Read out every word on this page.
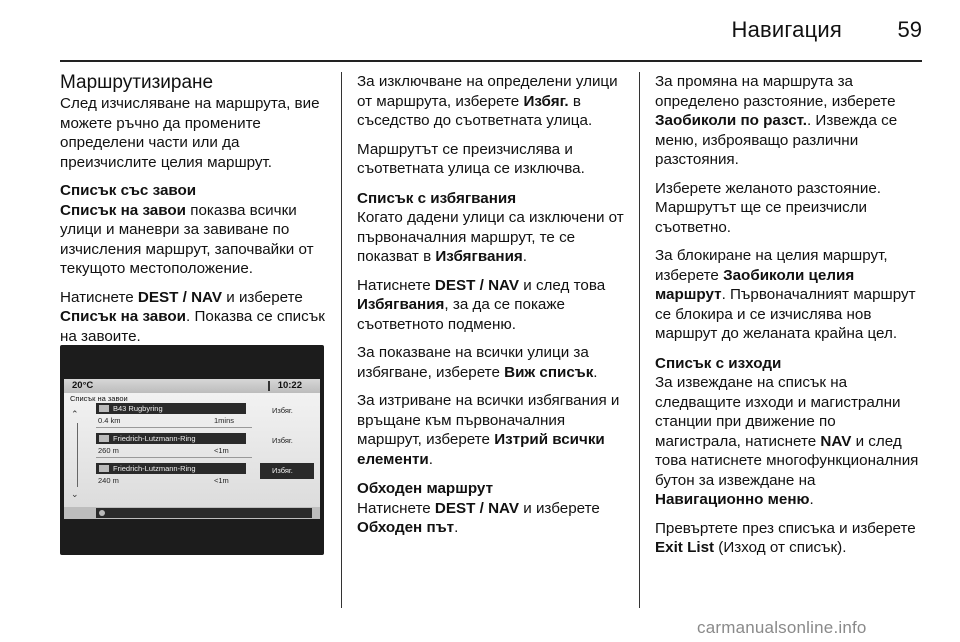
Навигация	59
Маршрутизиране

След изчисляване на маршрута, вие можете ръчно да промените определени части или да преизчислите целия маршрут.

Списък със завои

Списък на завои показва всички улици и маневри за завиване по изчисления маршрут, започвайки от текущото местоположение.

Натиснете DEST / NAV и изберете Списък на завои. Показва се списък на завоите.

20°C	10:22
Списък на завои
⌃
⌄
B43 Rugbyring
0.4 km	1mins
Избяг.
Friedrich-Lutzmann-Ring
260 m	<1m
Избяг.
Friedrich-Lutzmann-Ring
240 m	<1m
Избяг.

За изключване на определени улици от маршрута, изберете Избяг. в съседство до съответната улица.

Маршрутът се преизчислява и съответната улица се изключва.

Списък с избягвания

Когато дадени улици са изключени от първоначалния маршрут, те се показват в Избягвания.

Натиснете DEST / NAV и след това Избягвания, за да се покаже съответното подменю.

За показване на всички улици за избягване, изберете Виж списък.

За изтриване на всички избягвания и връщане към първоначалния маршрут, изберете Изтрий всички елементи.

Обходен маршрут

Натиснете DEST / NAV и изберете Обходен път.

За промяна на маршрута за определено разстояние, изберете Заобиколи по разст.. Извежда се меню, изброяващо различни разстояния.

Изберете желаното разстояние. Маршрутът ще се преизчисли съответно.

За блокиране на целия маршрут, изберете Заобиколи целия маршрут. Първоначалният маршрут се блокира и се изчислява нов маршрут до желаната крайна цел.

Списък с изходи

За извеждане на списък на следващите изходи и магистрални станции при движение по магистрала, натиснете NAV и след това натиснете многофункционалния бутон за извеждане на Навигационно меню.

Превъртете през списъка и изберете Exit List (Изход от списък).

carmanualsonline.info
